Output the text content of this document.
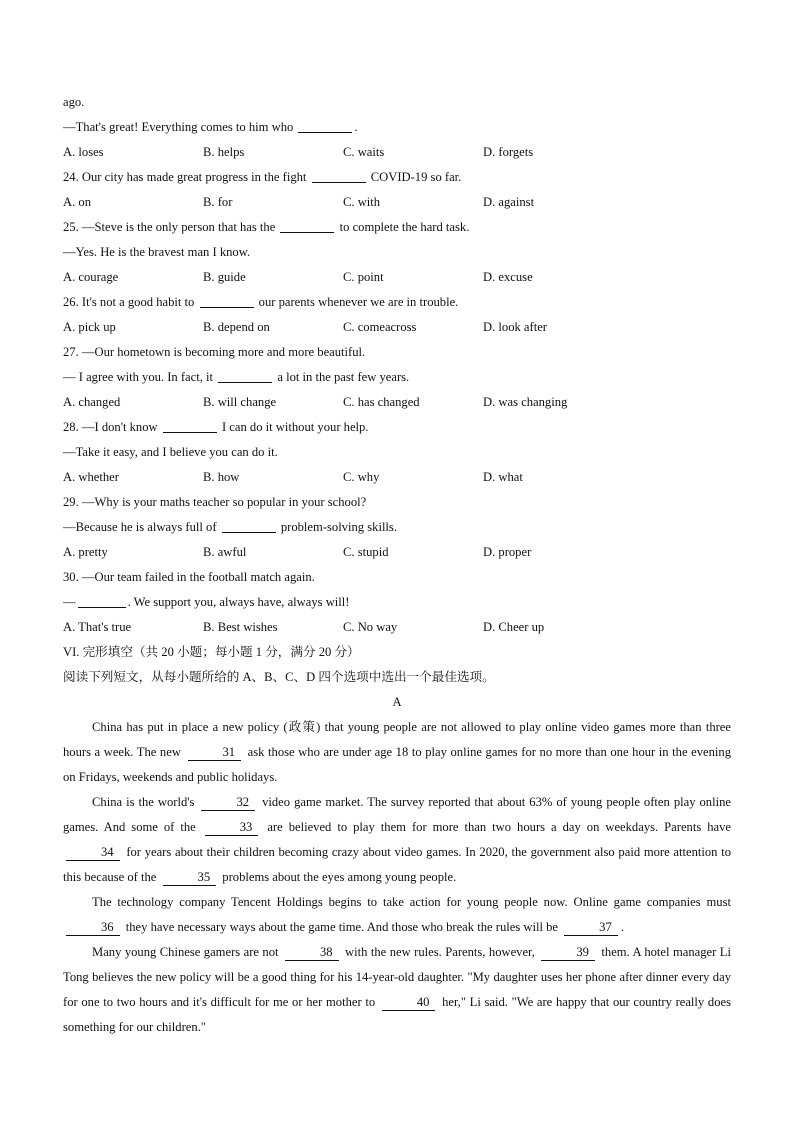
ago.
—That's great! Everything comes to him who	.
A. loses	B. helps	C. waits	D. forgets
24. Our city has made great progress in the fight	COVID-19 so far.
A. on	B. for	C. with	D. against
25. —Steve is the only person that has the	to complete the hard task.
—Yes. He is the bravest man I know.
A. courage	B. guide	C. point	D. excuse
26. It's not a good habit to	our parents whenever we are in trouble.
A. pick up	B. depend on	C. comeacross	D. look after
27. —Our hometown is becoming more and more beautiful.
— I agree with you. In fact, it	a lot in the past few years.
A. changed	B. will change	C. has changed	D. was changing
28. —I don't know	I can do it without your help.
—Take it easy, and I believe you can do it.
A. whether	B. how	C. why	D. what
29. —Why is your maths teacher so popular in your school?
—Because he is always full of	problem-solving skills.
A. pretty	B. awful	C. stupid	D. proper
30. —Our team failed in the football match again.
—	. We support you, always have, always will!
A. That's true	B. Best wishes	C. No way	D. Cheer up
VI. 完形填空（共 20 小题；每小题 1 分，满分 20 分）
阅读下列短文，从每小题所给的 A、B、C、D 四个选项中选出一个最佳选项。
A
China has put in place a new policy (政策) that young people are not allowed to play online video games more than three hours a week. The new	31 ask those who are under age 18 to play online games for no more than one hour in the evening on Fridays, weekends and public holidays.
China is the world's	32 video game market. The survey reported that about 63% of young people often play online games. And some of the	33 are believed to play them for more than two hours a day on weekdays. Parents have 34 for years about their children becoming crazy about video games. In 2020, the government also paid more attention to this because of the	35 problems about the eyes among young people.
The technology company Tencent Holdings begins to take action for young people now. Online game companies must 36 they have necessary ways about the game time. And those who break the rules will be	37 .
Many young Chinese gamers are not	38 with the new rules. Parents, however,	39 them. A hotel manager Li Tong believes the new policy will be a good thing for his 14-year-old daughter. "My daughter uses her phone after dinner every day for one to two hours and it's difficult for me or her mother to	40 her," Li said. "We are happy that our country really does something for our children."
